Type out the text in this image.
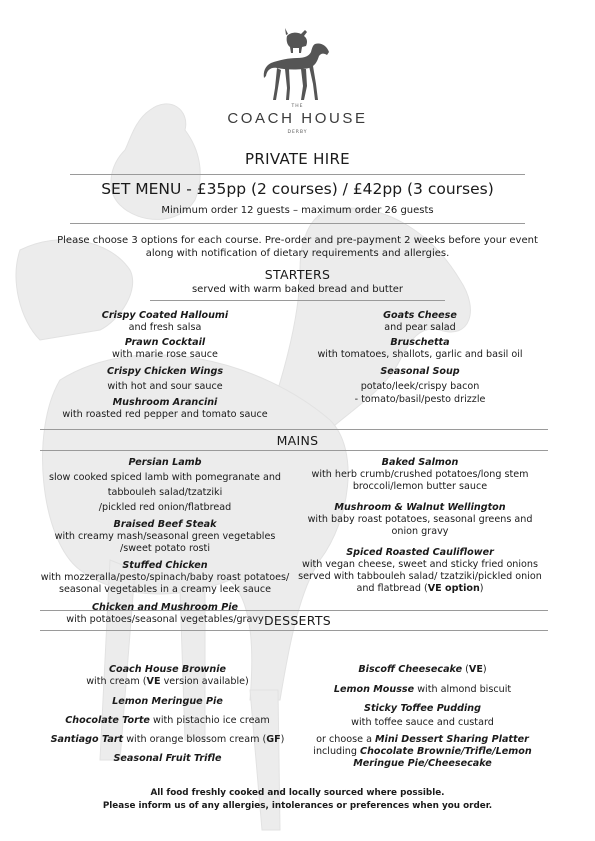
THE
COACH HOUSE
DERBY
PRIVATE HIRE
SET MENU - £35pp (2 courses) / £42pp (3 courses)
Minimum order 12 guests – maximum order 26 guests
Please choose 3 options for each course. Pre-order and pre-payment 2 weeks before your event
along with notification of dietary requirements and allergies.
STARTERS
served with warm baked bread and butter
Crispy Coated Halloumi
and fresh salsa
Prawn Cocktail
with marie rose sauce
Crispy Chicken Wings
with hot and sour sauce
Mushroom Arancini
with roasted red pepper and tomato sauce
Goats Cheese
and pear salad
Bruschetta
with tomatoes, shallots, garlic and basil oil
Seasonal Soup
potato/leek/crispy bacon
- tomato/basil/pesto drizzle
MAINS
Persian Lamb
slow cooked spiced lamb with pomegranate and
tabbouleh salad/tzatziki
/pickled red onion/flatbread
Braised Beef Steak
with creamy mash/seasonal green vegetables
/sweet potato rosti
Stuffed Chicken
with mozzeralla/pesto/spinach/baby roast potatoes/
seasonal vegetables in a creamy leek sauce
Chicken and Mushroom Pie
with potatoes/seasonal vegetables/gravy
Baked Salmon
with herb crumb/crushed potatoes/long stem
broccoli/lemon butter sauce
Mushroom & Walnut Wellington
with baby roast potatoes, seasonal greens and
onion gravy
Spiced Roasted Cauliflower
with vegan cheese, sweet and sticky fried onions
served with tabbouleh salad/ tzatziki/pickled onion
and flatbread (VE option)
DESSERTS
Coach House Brownie
with cream (VE version available)
Lemon Meringue Pie
Chocolate Torte with pistachio ice cream
Santiago Tart with orange blossom cream (GF)
Seasonal Fruit Trifle
Biscoff Cheesecake (VE)
Lemon Mousse with almond biscuit
Sticky Toffee Pudding
with toffee sauce and custard
or choose a Mini Dessert Sharing Platter
including Chocolate Brownie/Trifle/Lemon
Meringue Pie/Cheesecake
All food freshly cooked and locally sourced where possible.
Please inform us of any allergies, intolerances or preferences when you order.
